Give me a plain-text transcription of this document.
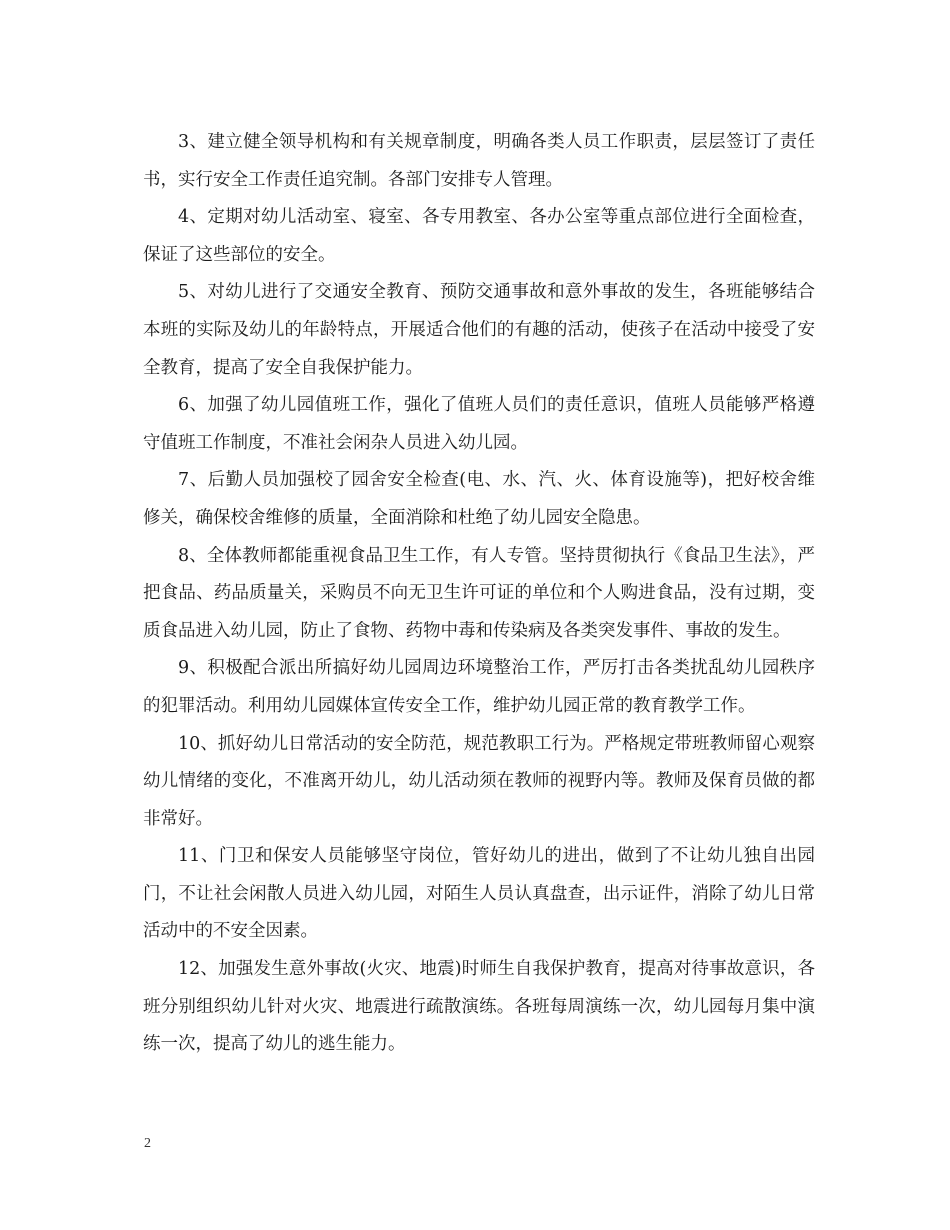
3、建立健全领导机构和有关规章制度，明确各类人员工作职责，层层签订了责任书，实行安全工作责任追究制。各部门安排专人管理。

4、定期对幼儿活动室、寝室、各专用教室、各办公室等重点部位进行全面检查，保证了这些部位的安全。

5、对幼儿进行了交通安全教育、预防交通事故和意外事故的发生，各班能够结合本班的实际及幼儿的年龄特点，开展适合他们的有趣的活动，使孩子在活动中接受了安全教育，提高了安全自我保护能力。

6、加强了幼儿园值班工作，强化了值班人员们的责任意识，值班人员能够严格遵守值班工作制度，不准社会闲杂人员进入幼儿园。

7、后勤人员加强校了园舍安全检查(电、水、汽、火、体育设施等)，把好校舍维修关，确保校舍维修的质量，全面消除和杜绝了幼儿园安全隐患。

8、全体教师都能重视食品卫生工作，有人专管。坚持贯彻执行《食品卫生法》，严把食品、药品质量关，采购员不向无卫生许可证的单位和个人购进食品，没有过期，变质食品进入幼儿园，防止了食物、药物中毒和传染病及各类突发事件、事故的发生。

9、积极配合派出所搞好幼儿园周边环境整治工作，严厉打击各类扰乱幼儿园秩序的犯罪活动。利用幼儿园媒体宣传安全工作，维护幼儿园正常的教育教学工作。

10、抓好幼儿日常活动的安全防范，规范教职工行为。严格规定带班教师留心观察幼儿情绪的变化，不准离开幼儿，幼儿活动须在教师的视野内等。教师及保育员做的都非常好。

11、门卫和保安人员能够坚守岗位，管好幼儿的进出，做到了不让幼儿独自出园门，不让社会闲散人员进入幼儿园，对陌生人员认真盘查，出示证件，消除了幼儿日常活动中的不安全因素。

12、加强发生意外事故(火灾、地震)时师生自我保护教育，提高对待事故意识，各班分别组织幼儿针对火灾、地震进行疏散演练。各班每周演练一次，幼儿园每月集中演练一次，提高了幼儿的逃生能力。

2
